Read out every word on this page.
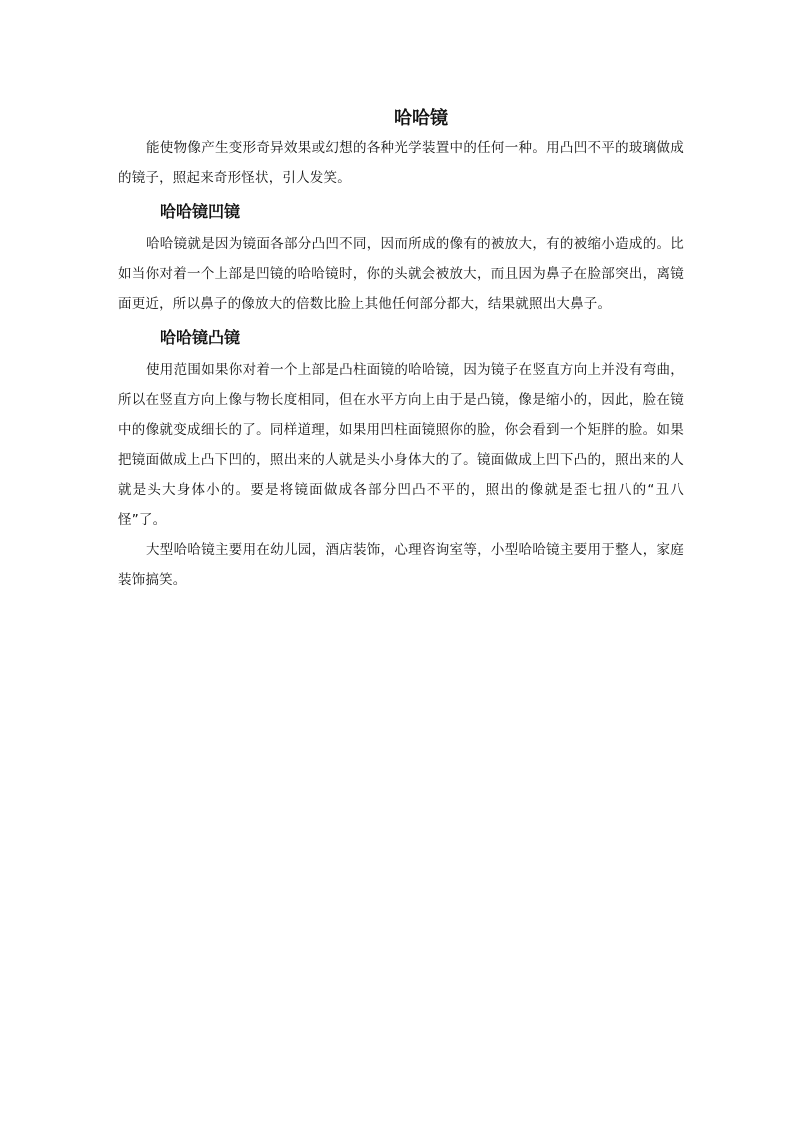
哈哈镜

能使物像产生变形奇异效果或幻想的各种光学装置中的任何一种。用凸凹不平的玻璃做成的镜子，照起来奇形怪状，引人发笑。

哈哈镜凹镜

哈哈镜就是因为镜面各部分凸凹不同，因而所成的像有的被放大，有的被缩小造成的。比如当你对着一个上部是凹镜的哈哈镜时，你的头就会被放大，而且因为鼻子在脸部突出，离镜面更近，所以鼻子的像放大的倍数比脸上其他任何部分都大，结果就照出大鼻子。

哈哈镜凸镜

使用范围如果你对着一个上部是凸柱面镜的哈哈镜，因为镜子在竖直方向上并没有弯曲，所以在竖直方向上像与物长度相同，但在水平方向上由于是凸镜，像是缩小的，因此，脸在镜中的像就变成细长的了。同样道理，如果用凹柱面镜照你的脸，你会看到一个矩胖的脸。如果把镜面做成上凸下凹的，照出来的人就是头小身体大的了。镜面做成上凹下凸的，照出来的人就是头大身体小的。要是将镜面做成各部分凹凸不平的，照出的像就是歪七扭八的“丑八怪”了。

大型哈哈镜主要用在幼儿园，酒店装饰，心理咨询室等，小型哈哈镜主要用于整人，家庭装饰搞笑。
